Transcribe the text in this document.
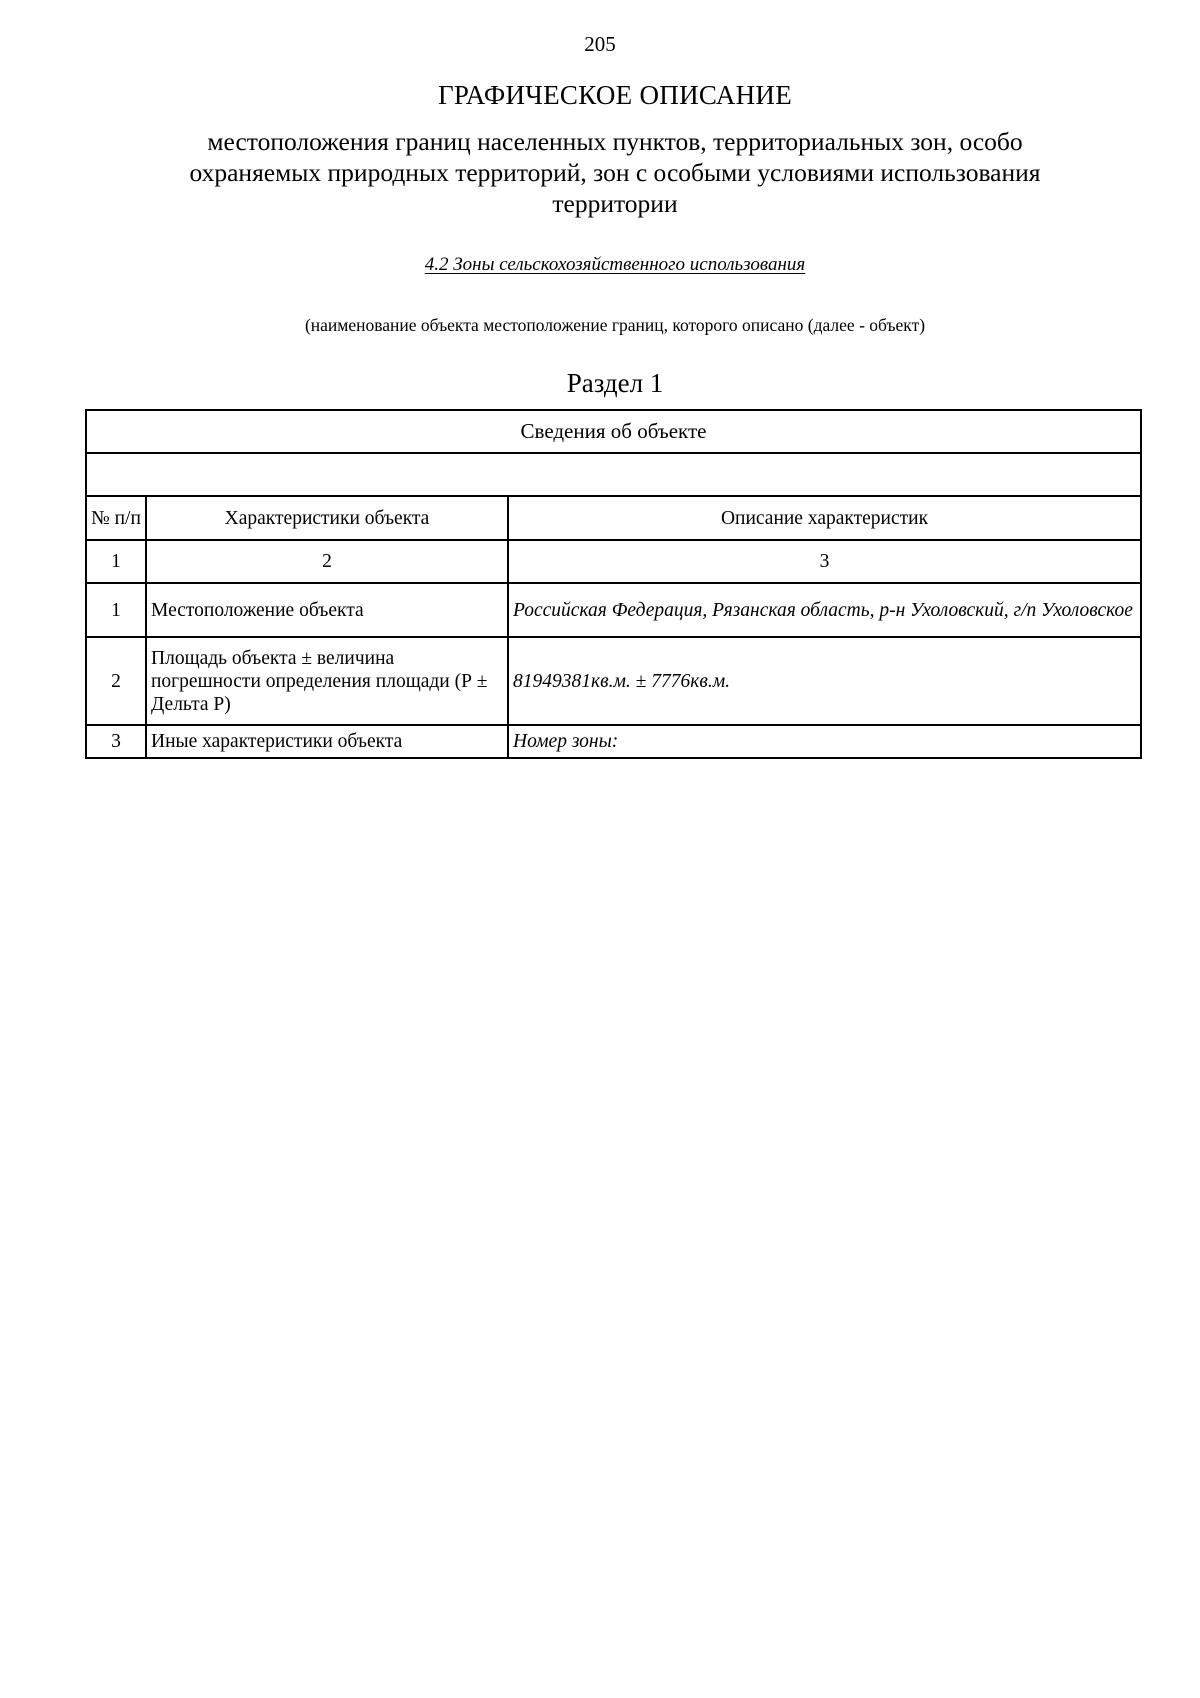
205
ГРАФИЧЕСКОЕ ОПИСАНИЕ
местоположения границ населенных пунктов, территориальных зон, особо охраняемых природных территорий, зон с особыми условиями использования территории
4.2 Зоны сельскохозяйственного использования
(наименование объекта местоположение границ, которого описано (далее - объект)
Раздел 1
Сведения об объекте		

№ п/п	Характеристики объекта	Описание характеристик
1	2	3
1	Местоположение объекта	Российская Федерация, Рязанская область, р-н Ухоловский, г/п Ухоловское
2	Площадь объекта ± величина погрешности определения площади (Р ± Дельта Р)	81949381кв.м. ± 7776кв.м.
3	Иные характеристики объекта	Номер зоны:
